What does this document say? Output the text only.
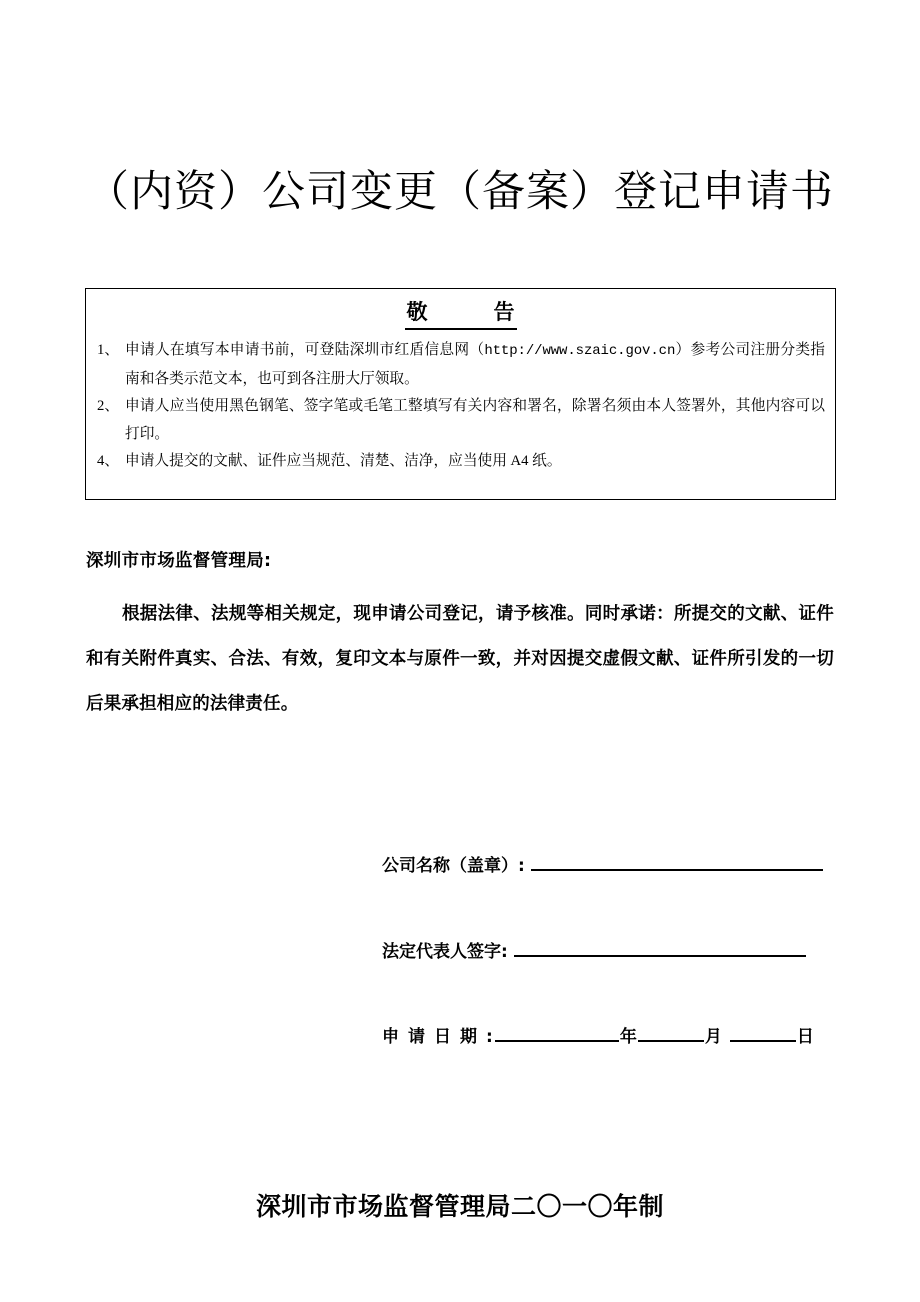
（内资）公司变更（备案）登记申请书
敬	告
1、 申请人在填写本申请书前，可登陆深圳市红盾信息网（http://www.szaic.gov.cn）参考公司注册分类指南和各类示范文本，也可到各注册大厅领取。
2、 申请人应当使用黑色钢笔、签字笔或毛笔工整填写有关内容和署名，除署名须由本人签署外，其他内容可以打印。
4、 申请人提交的文献、证件应当规范、清楚、洁净，应当使用 A4 纸。
深圳市市场监督管理局:
根据法律、法规等相关规定，现申请公司登记，请予核准。同时承诺：所提交的文献、证件和有关附件真实、合法、有效，复印文本与原件一致，并对因提交虚假文献、证件所引发的一切后果承担相应的法律责任。
公司名称（盖章）:
法定代表人签字:
申请日期 :	年	月	日
深圳市市场监督管理局二〇一〇年制
